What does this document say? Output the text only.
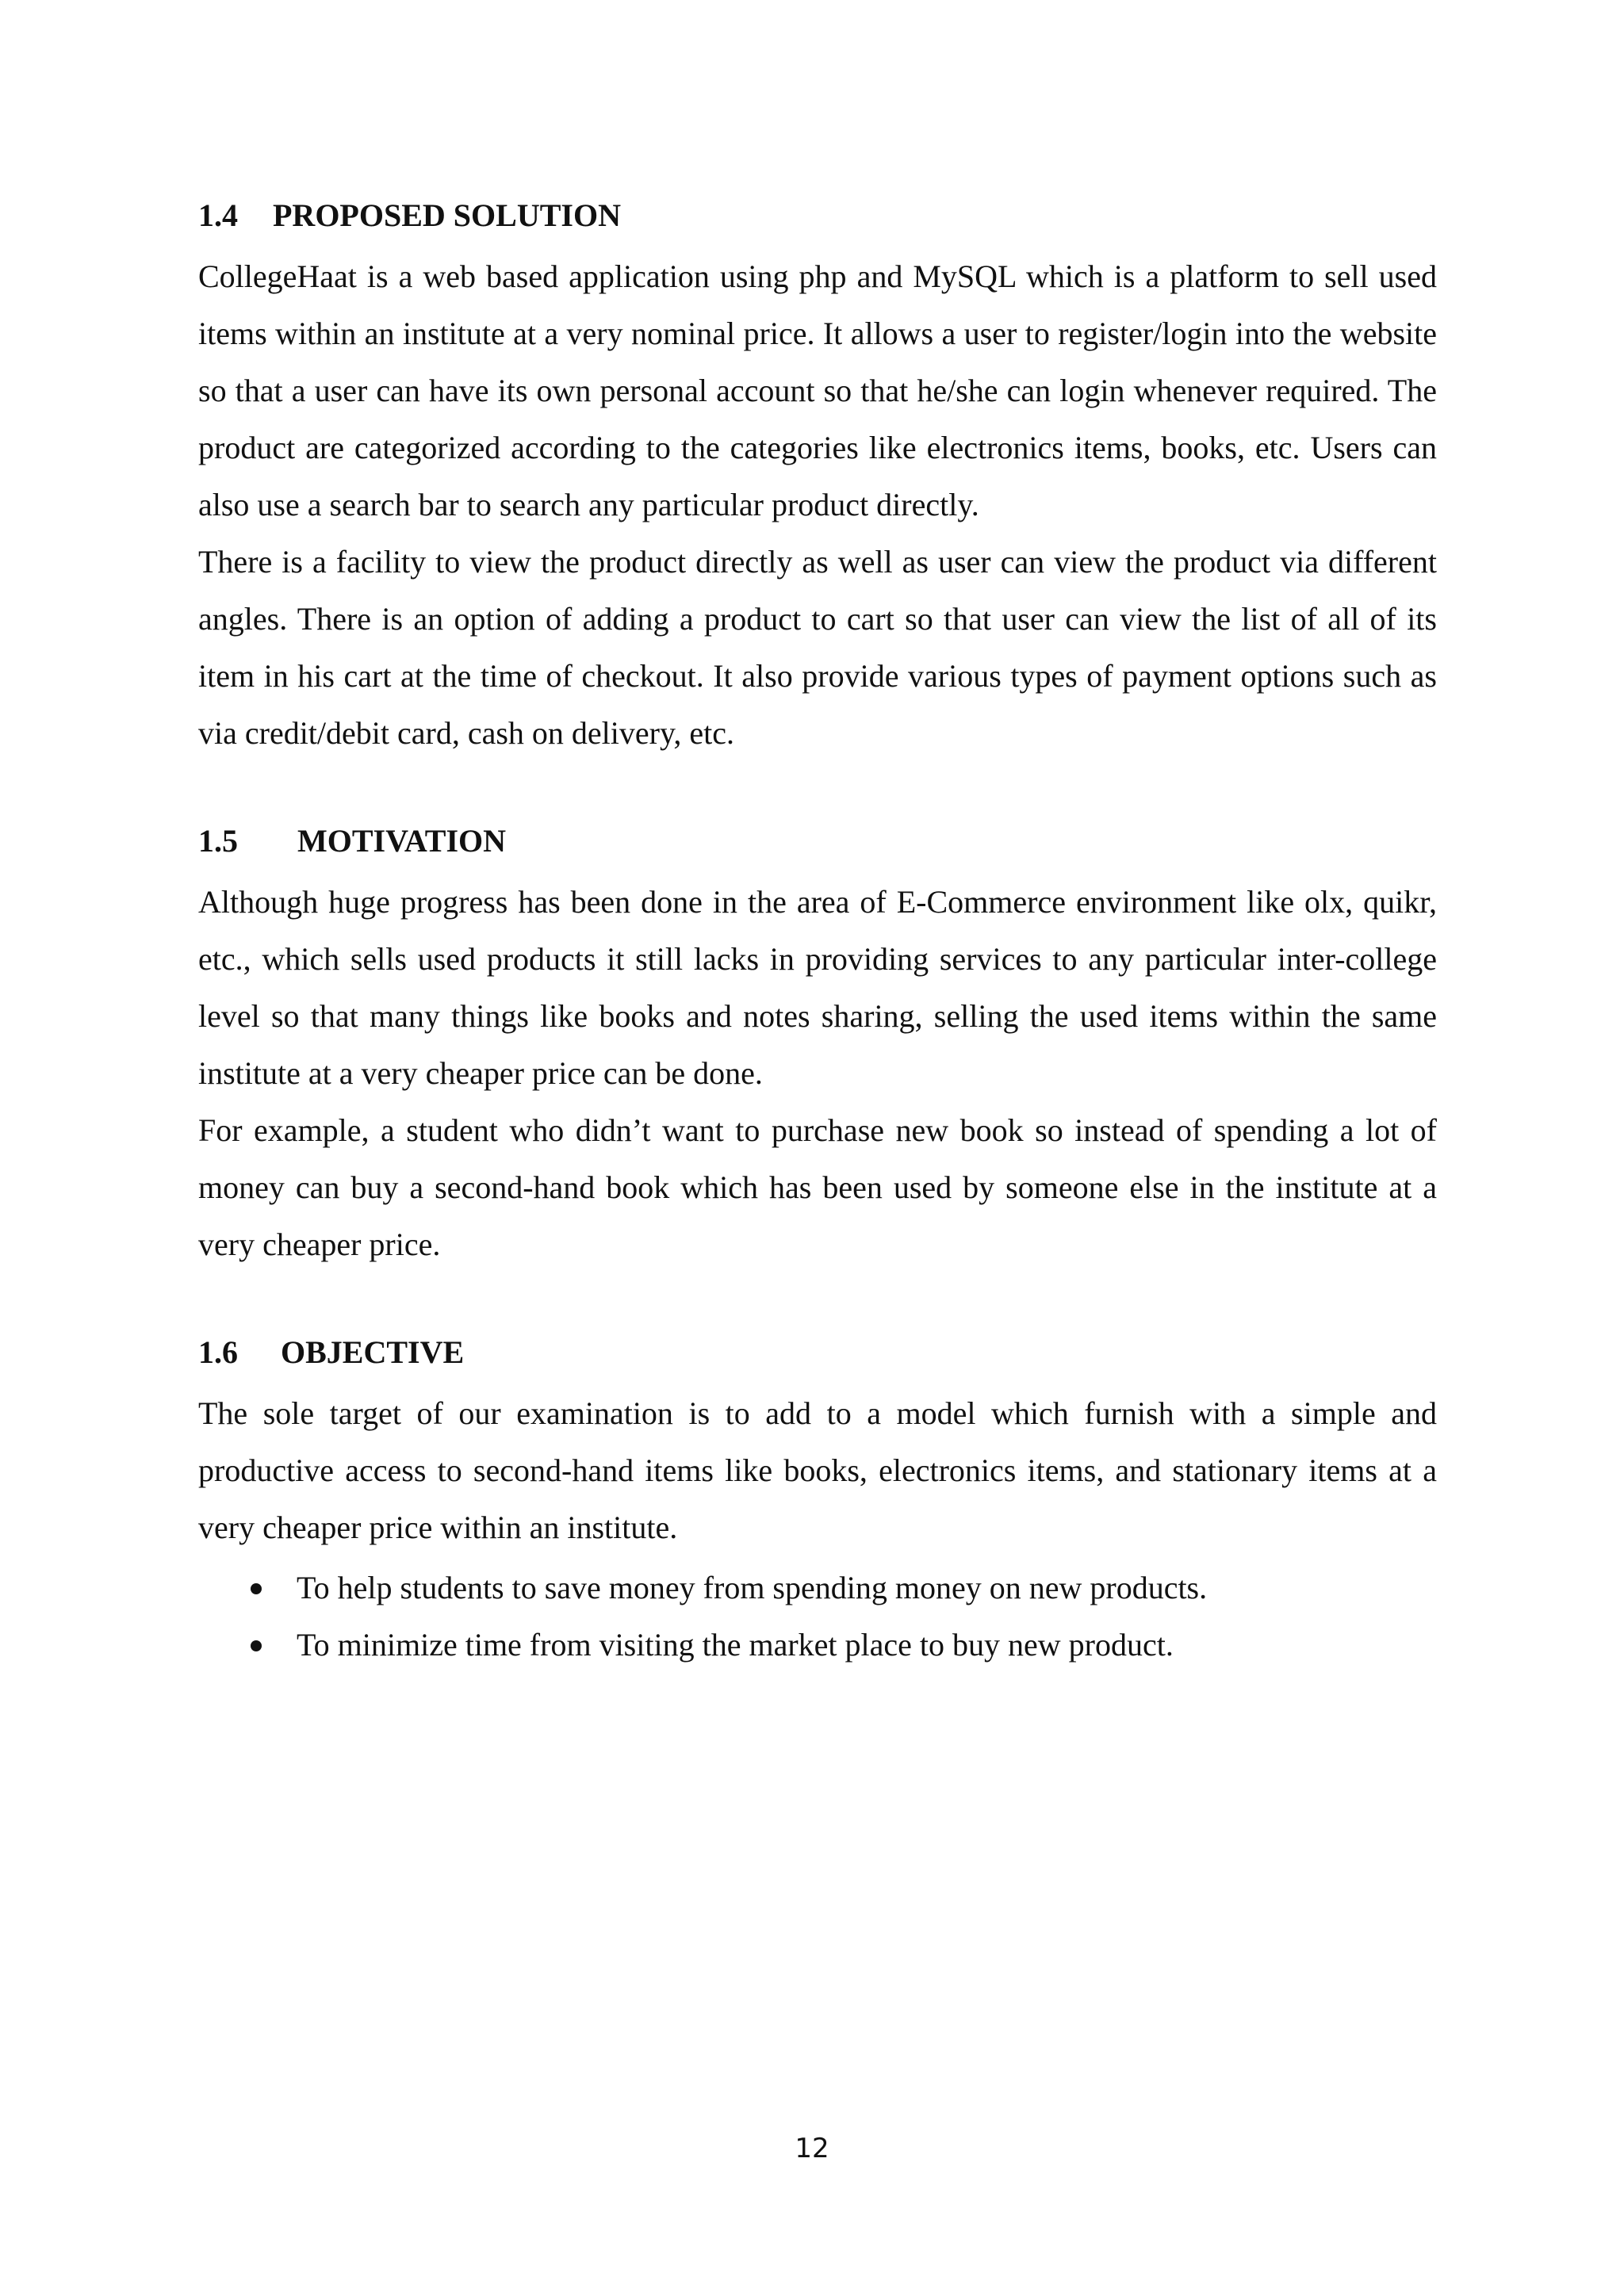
1.4 PROPOSED SOLUTION

CollegeHaat is a web based application using php and MySQL which is a platform to sell used items within an institute at a very nominal price. It allows a user to register/login into the website so that a user can have its own personal account so that he/she can login whenever required. The product are categorized according to the categories like electronics items, books, etc. Users can also use a search bar to search any particular product directly.

There is a facility to view the product directly as well as user can view the product via different angles. There is an option of adding a product to cart so that user can view the list of all of its item in his cart at the time of checkout. It also provide various types of payment options such as via credit/debit card, cash on delivery, etc.

1.5 MOTIVATION

Although huge progress has been done in the area of E-Commerce environment like olx, quikr, etc., which sells used products it still lacks in providing services to any particular inter-college level so that many things like books and notes sharing, selling the used items within the same institute at a very cheaper price can be done.

For example, a student who didn’t want to purchase new book so instead of spending a lot of money can buy a second-hand book which has been used by someone else in the institute at a very cheaper price.

1.6 OBJECTIVE

The sole target of our examination is to add to a model which furnish with a simple and productive access to second-hand items like books, electronics items, and stationary items at a very cheaper price within an institute.

To help students to save money from spending money on new products.
To minimize time from visiting the market place to buy new product.
12
